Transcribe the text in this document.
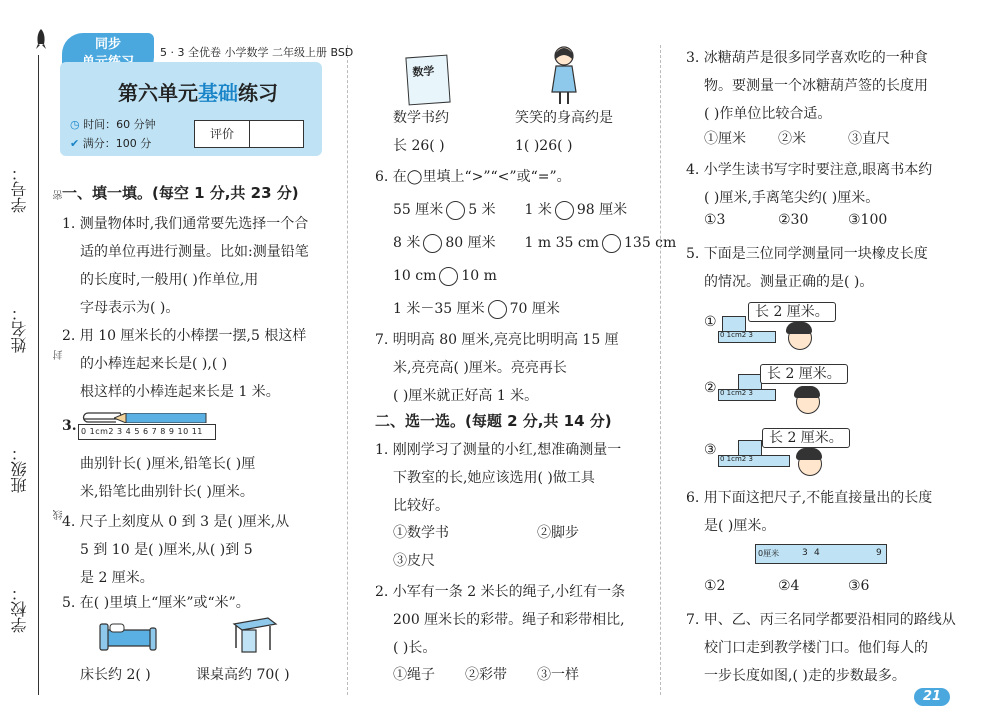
学号：	密
姓名：
封
班级：
线
学校：
同步
5 · 3 全优卷 小学数学 二年级上册 BSD
第六单元基础练习
◷ 时间：60 分钟
✔ 满分：100 分
评价
一、填一填。(每空 1 分,共 23 分)
1. 测量物体时,我们通常要先选择一个合
适的单位再进行测量。比如:测量铅笔
的长度时,一般用( )作单位,用
字母表示为( )。
2. 用 10 厘米长的小棒摆一摆,5 根这样
的小棒连起来长是( ),( )
根这样的小棒连起来长是 1 米。
3. 0 1cm2 3 4 5 6 7 8 9 10 11
曲别针长( )厘米,铅笔长( )厘
米,铅笔比曲别针长( )厘米。
4. 尺子上刻度从 0 到 3 是( )厘米,从
5 到 10 是( )厘米,从( )到 5
是 2 厘米。
5. 在( )里填上“厘米”或“米”。
床长约 2( )	课桌高约 70( )
数学
数学书约
长 26( )
笑笑的身高约是
1( )26( )
6. 在◯里填上“>”“<”或“=”。
55 厘米 5 米 1 米 98 厘米
8 米 80 厘米 1 m 35 cm 135 cm
10 cm 10 m
1 米－35 厘米 70 厘米
7. 明明高 80 厘米,亮亮比明明高 15 厘
米,亮亮高( )厘米。亮亮再长
( )厘米就正好高 1 米。
二、选一选。(每题 2 分,共 14 分)
1. 刚刚学习了测量的小红,想准确测量一
下教室的长,她应该选用( )做工具
比较好。
①数学书	②脚步
③皮尺
2. 小军有一条 2 米长的绳子,小红有一条
200 厘米长的彩带。绳子和彩带相比,
( )长。
①绳子 ②彩带 ③一样
3. 冰糖葫芦是很多同学喜欢吃的一种食
物。要测量一个冰糖葫芦签的长度用
( )作单位比较合适。
①厘米 ②米	③直尺
4. 小学生读书写字时要注意,眼离书本约
( )厘米,手离笔尖约( )厘米。
①3	②30	③100
5. 下面是三位同学测量同一块橡皮长度
的情况。测量正确的是( )。
①
0 1cm2 3
长 2 厘米。
② 0 1cm2 3
长 2 厘米。
③
0 1cm2 3
长 2 厘米。
6. 用下面这把尺子,不能直接量出的长度
是( )厘米。
0厘米	3 4	9
①2	②4	③6
7. 甲、乙、丙三名同学都要沿相同的路线从
校门口走到教学楼门口。他们每人的
一步长度如图,( )走的步数最多。
21
